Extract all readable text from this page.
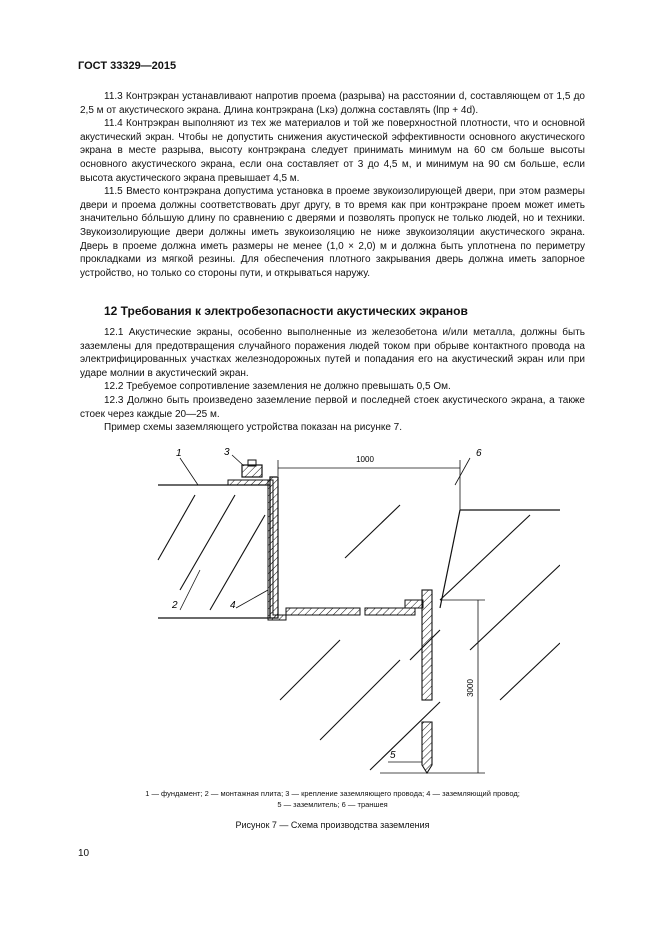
ГОСТ 33329—2015

11.3 Контрэкран устанавливают напротив проема (разрыва) на расстоянии d, составляющем от 1,5 до 2,5 м от акустического экрана. Длина контрэкрана (Lкэ) должна составлять (lпр + 4d).

11.4 Контрэкран выполняют из тех же материалов и той же поверхностной плотности, что и основной акустический экран. Чтобы не допустить снижения акустической эффективности основного акустического экрана в месте разрыва, высоту контрэкрана следует принимать минимум на 60 см больше высоты основного акустического экрана, если она составляет от 3 до 4,5 м, и минимум на 90 см больше, если высота акустического экрана превышает 4,5 м.

11.5 Вместо контрэкрана допустима установка в проеме звукоизолирующей двери, при этом размеры двери и проема должны соответствовать друг другу, в то время как при контрэкране проем может иметь значительно бо́льшую длину по сравнению с дверями и позволять пропуск не только людей, но и техники. Звукоизолирующие двери должны иметь звукоизоляцию не ниже звукоизоляции акустического экрана. Дверь в проеме должна иметь размеры не менее (1,0 × 2,0) м и должна быть уплотнена по периметру прокладками из мягкой резины. Для обеспечения плотного закрывания дверь должна иметь запорное устройство, но только со стороны пути, и открываться наружу.

12 Требования к электробезопасности акустических экранов

12.1 Акустические экраны, особенно выполненные из железобетона и/или металла, должны быть заземлены для предотвращения случайного поражения людей током при обрыве контактного провода на электрифицированных участках железнодорожных путей и попадания его на акустический экран или при ударе молнии в акустический экран.

12.2 Требуемое сопротивление заземления не должно превышать 0,5 Ом.

12.3 Должно быть произведено заземление первой и последней стоек акустического экрана, а также стоек через каждые 20—25 м.

Пример схемы заземляющего устройства показан на рисунке 7.

1000
3000
1
2
3
4
5
6
1 — фундамент; 2 — монтажная плита; 3 — крепление заземляющего провода; 4 — заземляющий провод;
5 — заземлитель; 6 — траншея
Рисунок 7 — Схема производства заземления
10
